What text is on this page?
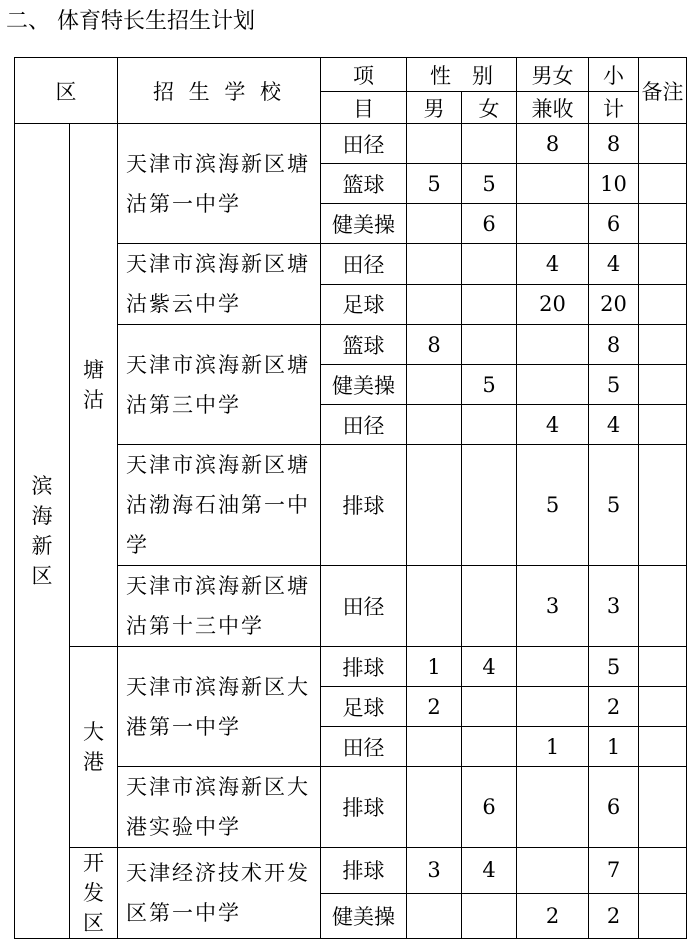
二、 体育特长生招生计划
区		招 生 学 校	项	性　别		男女	小	备注
			目	男	女	兼收	计	
滨海新区	塘沽	天津市滨海新区塘沽第一中学	田径			8	8	
			篮球	5	5		10	
			健美操		6		6	
		天津市滨海新区塘沽紫云中学	田径			4	4	
			足球			20	20	
		天津市滨海新区塘沽第三中学	篮球	8			8	
			健美操		5		5	
			田径			4	4	
		天津市滨海新区塘沽渤海石油第一中学	排球			5	5	
		天津市滨海新区塘沽第十三中学	田径			3	3	
	大港	天津市滨海新区大港第一中学	排球	1	4		5	
			足球	2			2	
			田径			1	1	
		天津市滨海新区大港实验中学	排球		6		6	
	开发区	天津经济技术开发区第一中学	排球	3	4		7	
			健美操			2	2	
